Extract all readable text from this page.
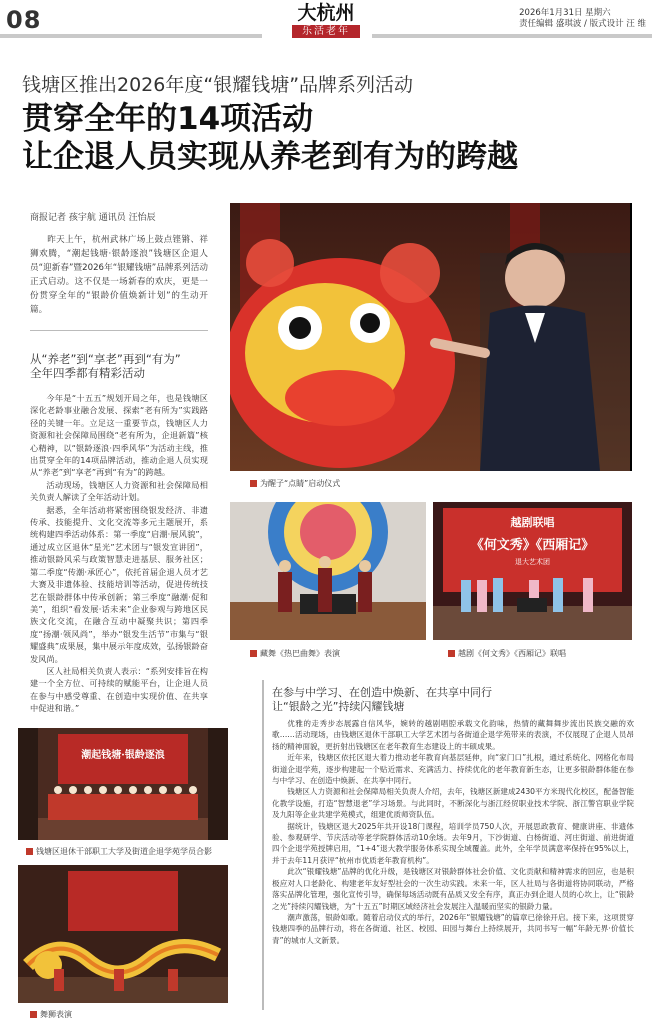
08	大杭州
乐活老年
2026年1月31日 星期六
责任编辑 盛琪波 / 版式设计 汪 维
钱塘区推出2026年度“银耀钱塘”品牌系列活动
贯穿全年的14项活动
让企退人员实现从养老到有为的跨越
商报记者 孩宇航 通讯员 汪怡辰

昨天上午，杭州武林广场上鼓点铿锵、祥狮欢腾，“潮起钱塘·银龄逐浪”钱塘区企退人员“迎新春”暨2026年“银耀钱塘”品牌系列活动正式启动。这不仅是一场新春的欢庆，更是一份贯穿全年的“银龄价值焕新计划”的生动开篇。

从“养老”到“享老”再到“有为”
全年四季都有精彩活动

今年是“十五五”规划开局之年，也是钱塘区深化老龄事业融合发展、探索“老有所为”实践路径的关键一年。立足这一重要节点，钱塘区人力资源和社会保障局围绕“老有所为，企退新篇”核心精神，以“银龄逐浪·四季风华”为活动主线，推出贯穿全年的14项品牌活动，推动企退人员实现从“养老”到“享老”再到“有为”的跨越。

活动现场，钱塘区人力资源和社会保障局相关负责人解读了全年活动计划。

据悉，全年活动将紧密围绕银发经济、非遗传承、技能提升、文化交流等多元主题展开，系统构建四季活动体系：第一季度“启潮·展风貌”，通过成立区退休“星光”艺术团与“银发宣讲团”，推动银龄风采与政策智慧走进基层、服务社区；第二季度“传潮·承匠心”，依托首届企退人员才艺大赛及非遗体验、技能培训等活动，促进传统技艺在银龄群体中传承创新；第三季度“融潮·促和美”，组织“看发展·话未来”企业参观与跨地区民族文化交流，在融合互动中凝聚共识；第四季度“扬潮·领风尚”，举办“银发生活节”市集与“银耀盛典”成果展，集中展示年度成效，弘扬银龄奋发风尚。

区人社局相关负责人表示：“系列安排旨在构建一个全方位、可持续的赋能平台，让企退人员在参与中感受尊重、在创造中实现价值、在共享中促进和谐。”

为醒子“点睛”启动仪式
藏舞《热巴曲舞》表演
越剧联唱
《何文秀》《西厢记》
退大艺术团
越剧《何文秀》《西厢记》联唱
潮起钱塘·银龄逐浪
钱塘区退休干部职工大学及街道企退学苑学员合影
舞狮表演
在参与中学习、在创造中焕新、在共享中同行
让“银龄之光”持续闪耀钱塘

优雅的走秀步态展露自信风华，婉转的越剧唱腔承载文化韵味，热情的藏舞舞步流出民族交融的欢歌……活动现场，由钱塘区退休干部职工大学艺术团与各街道企退学苑带来的表演，不仅展现了企退人员昂扬的精神面貌，更折射出钱塘区在老年教育生态建设上的丰硕成果。

近年来，钱塘区依托区退大着力推动老年教育向基层延伸，向“家门口”扎根，通过系统化、网格化布局街道企退学苑，逐步构建起一个贴近需求、充满活力、持续优化的老年教育新生态，让更多银龄群体能在参与中学习、在创造中焕新、在共享中同行。

钱塘区人力资源和社会保障局相关负责人介绍，去年，钱塘区新建成2430平方米现代化校区，配备智能化教学设施，打造“智慧退老”学习场景。与此同时，不断深化与浙江经贸职业技术学院、浙江警官职业学院及九阳等企业共建学苑模式，组建优质师资队伍。

据统计，钱塘区退大2025年共开设18门课程，培训学员750人次，开展思政教育、健康讲座、非遗体验、参观研学、节庆活动等老学院群体活动10余场。去年9月，下沙街道、白杨街道、河庄街道、前进街道四个企退学苑授牌启用，“1+4”退大教学服务体系实现全域覆盖。此外，全年学员满意率保持在95%以上，并于去年11月获评“杭州市优质老年教育机构”。

此次“银耀钱塘”品牌的优化升级，是钱塘区对银龄群体社会价值、文化贡献和精神需求的回应，也是积极应对人口老龄化、构建老年友好型社会的一次生动实践。未来一年，区人社局与各街道将协同联动，严格落实品牌化管理，强化宣传引导，确保每场活动既有品质又安全有序，真正办到企退人员的心坎上，让“银龄之光”持续闪耀钱塘，为“十五五”时期区域经济社会发展注入温暖而坚实的银龄力量。

潮声激荡，银龄如歌。随着启动仪式的举行，2026年“银耀钱塘”的篇章已徐徐开启。接下来，这项贯穿钱塘四季的品牌行动，将在各街道、社区、校园、田园与舞台上持续展开，共同书写一幅“年龄无界·价值长青”的城市人文新景。
